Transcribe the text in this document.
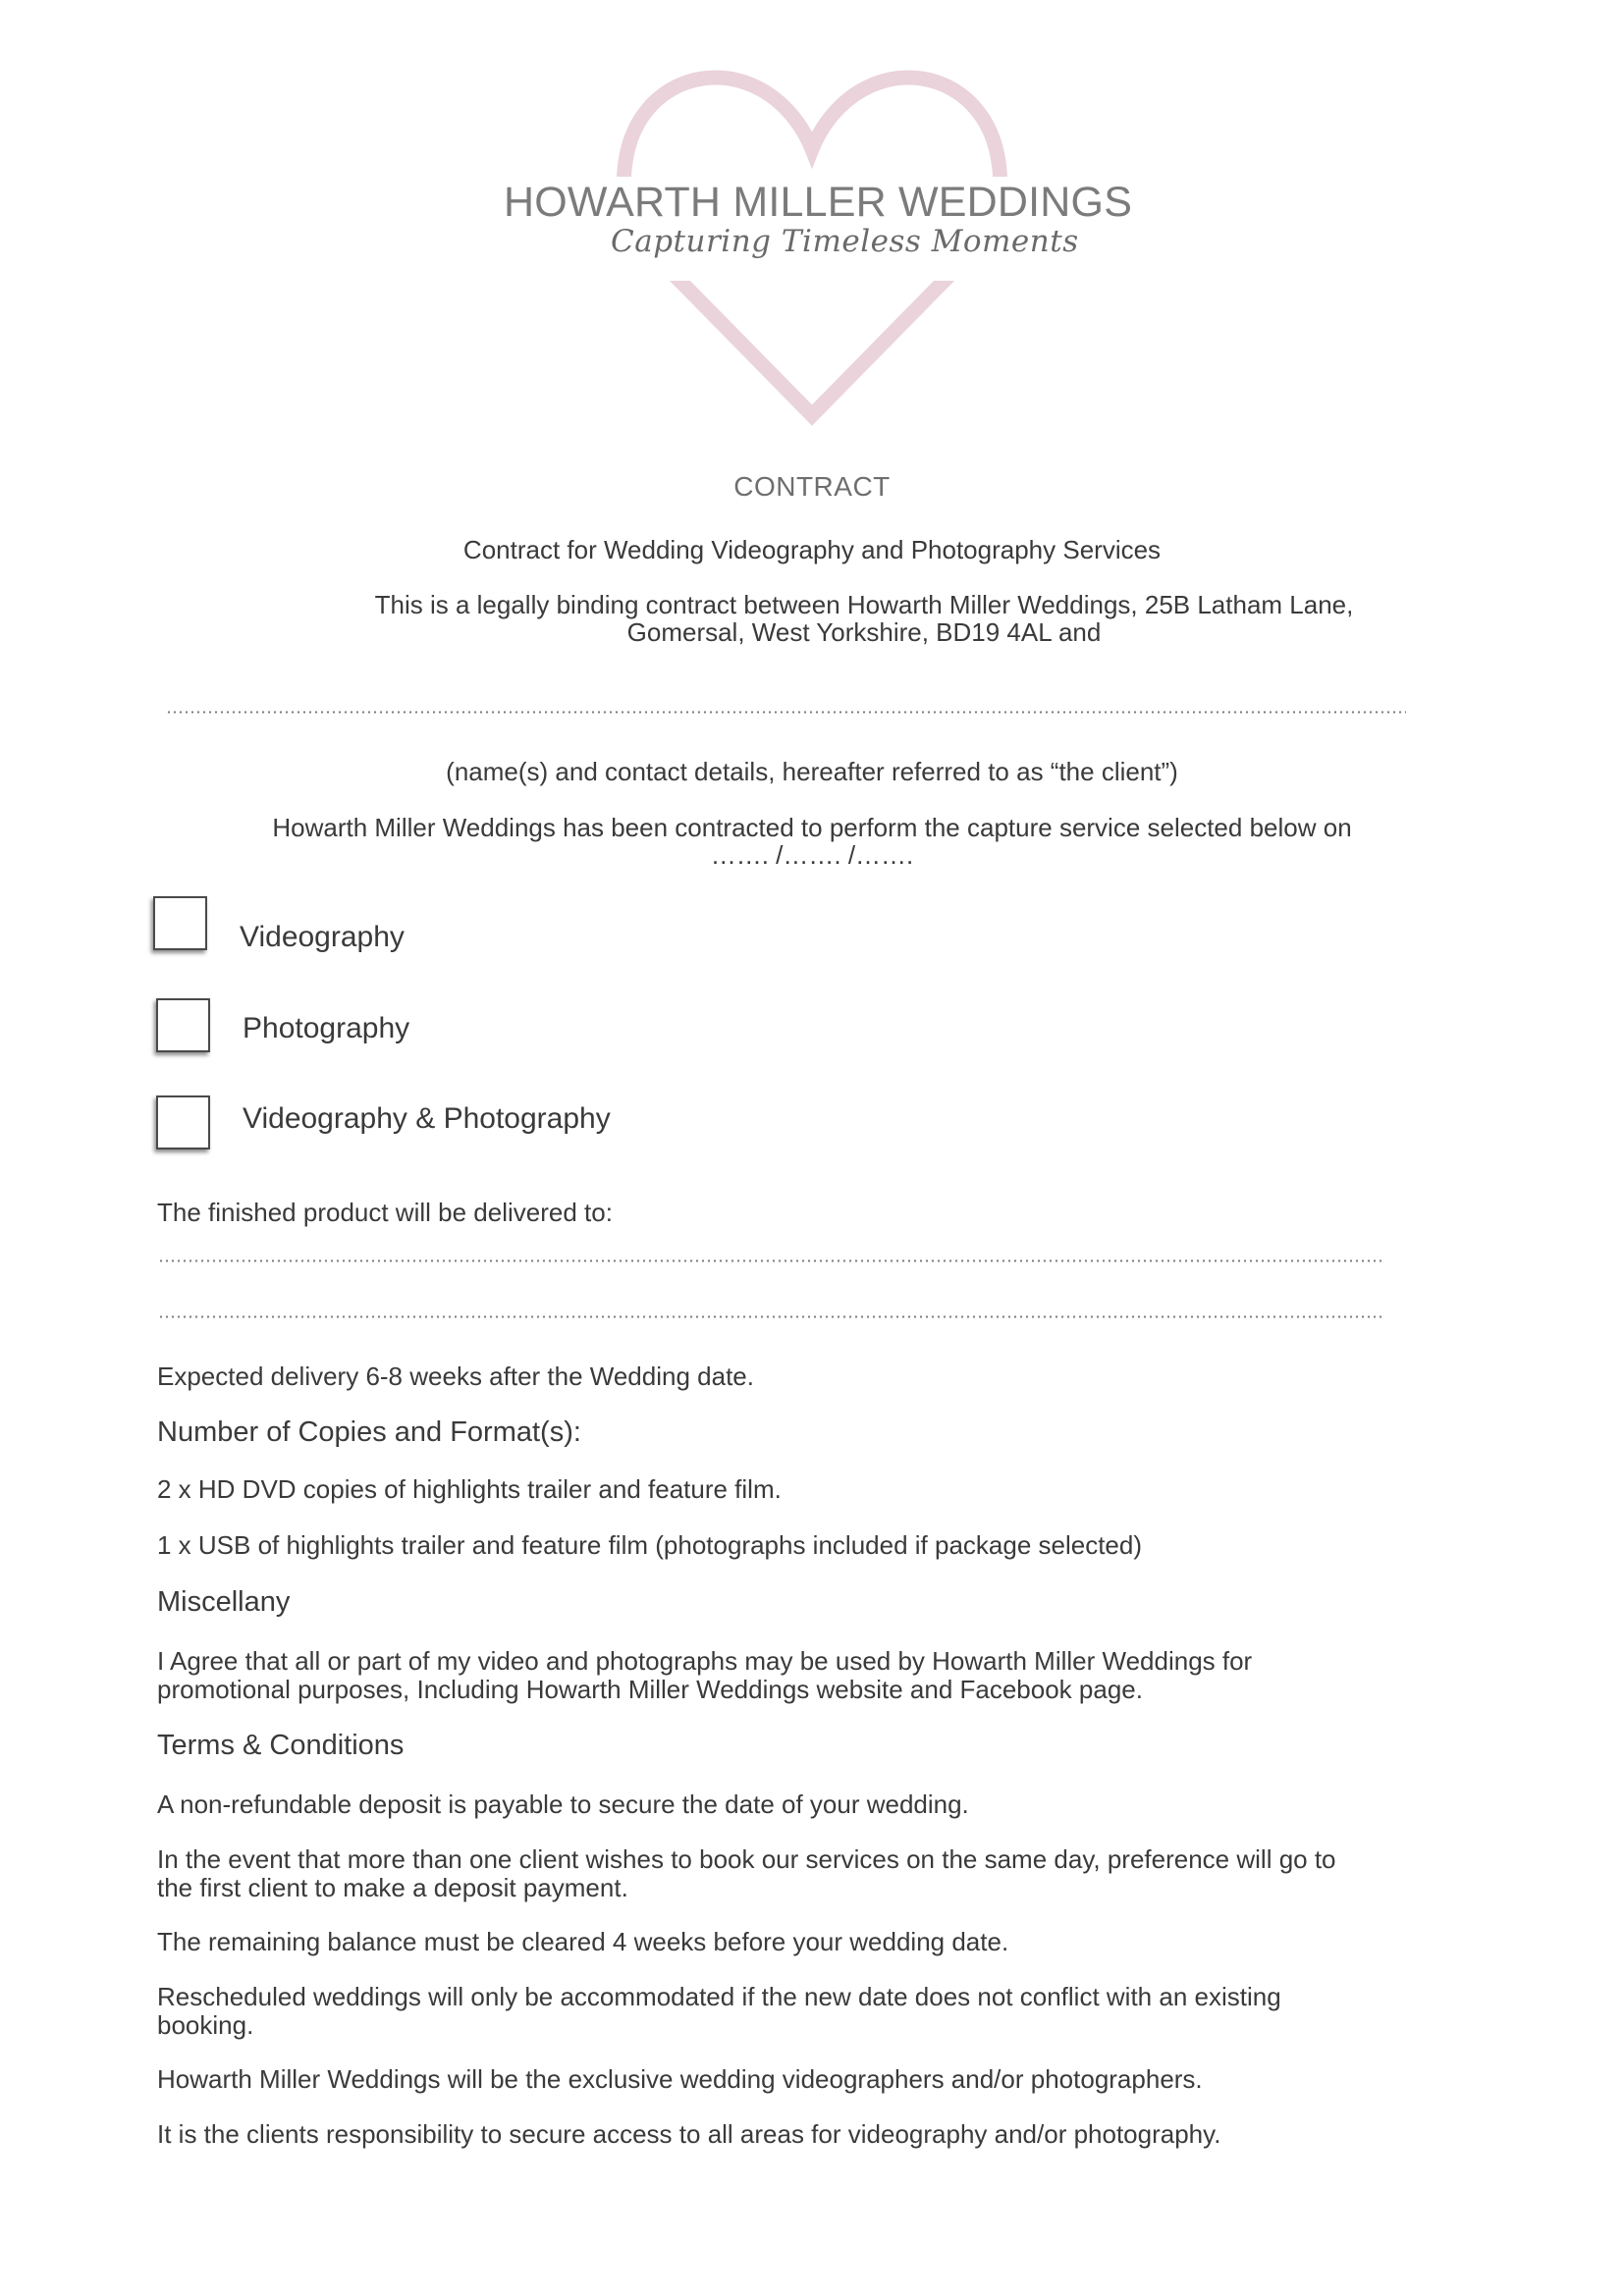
HOWARTH MILLER WEDDINGS
Capturing Timeless Moments
CONTRACT
Contract for Wedding Videography and Photography Services
This is a legally binding contract between Howarth Miller Weddings, 25B Latham Lane,
Gomersal, West Yorkshire, BD19 4AL and
(name(s) and contact details, hereafter referred to as “the client”)
Howarth Miller Weddings has been contracted to perform the capture service selected below on
……. /……. /…….
Videography
Photography
Videography & Photography
The finished product will be delivered to:
Expected delivery 6-8 weeks after the Wedding date.
Number of Copies and Format(s):
2 x HD DVD copies of highlights trailer and feature film.
1 x USB of highlights trailer and feature film (photographs included if package selected)
Miscellany
I Agree that all or part of my video and photographs may be used by Howarth Miller Weddings for
promotional purposes, Including Howarth Miller Weddings website and Facebook page.
Terms & Conditions
A non-refundable deposit is payable to secure the date of your wedding.
In the event that more than one client wishes to book our services on the same day, preference will go to
the first client to make a deposit payment.
The remaining balance must be cleared 4 weeks before your wedding date.
Rescheduled weddings will only be accommodated if the new date does not conflict with an existing
booking.
Howarth Miller Weddings will be the exclusive wedding videographers and/or photographers.
It is the clients responsibility to secure access to all areas for videography and/or photography.
